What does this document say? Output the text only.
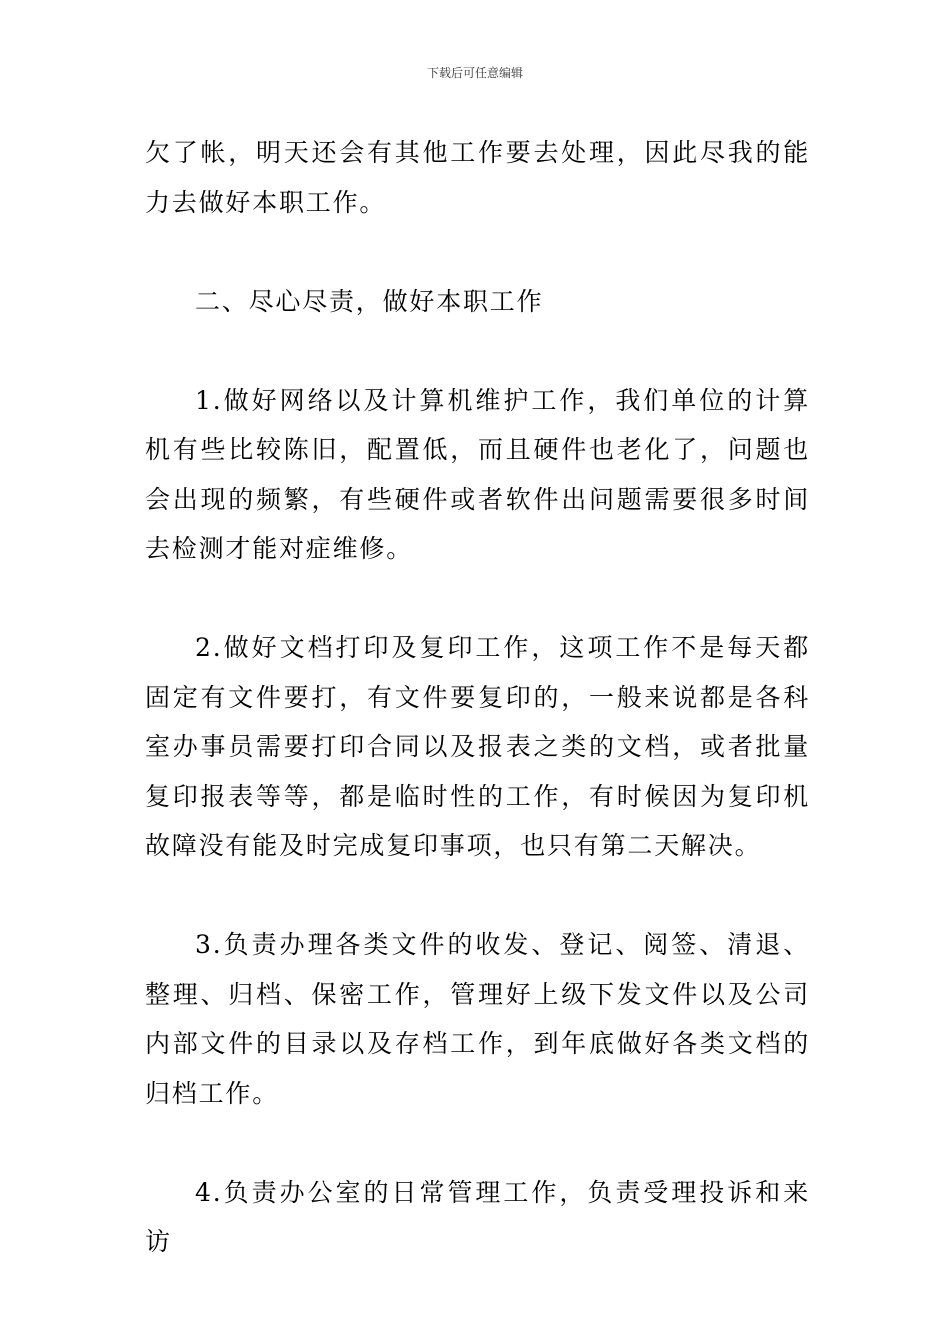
下载后可任意编辑

欠了帐，明天还会有其他工作要去处理，因此尽我的能力去做好本职工作。

二、尽心尽责，做好本职工作

1.做好网络以及计算机维护工作，我们单位的计算机有些比较陈旧，配置低，而且硬件也老化了，问题也会出现的频繁，有些硬件或者软件出问题需要很多时间去检测才能对症维修。

2.做好文档打印及复印工作，这项工作不是每天都固定有文件要打，有文件要复印的，一般来说都是各科室办事员需要打印合同以及报表之类的文档，或者批量复印报表等等，都是临时性的工作，有时候因为复印机故障没有能及时完成复印事项，也只有第二天解决。

3.负责办理各类文件的收发、登记、阅签、清退、整理、归档、保密工作，管理好上级下发文件以及公司内部文件的目录以及存档工作，到年底做好各类文档的归档工作。

4.负责办公室的日常管理工作，负责受理投诉和来访
